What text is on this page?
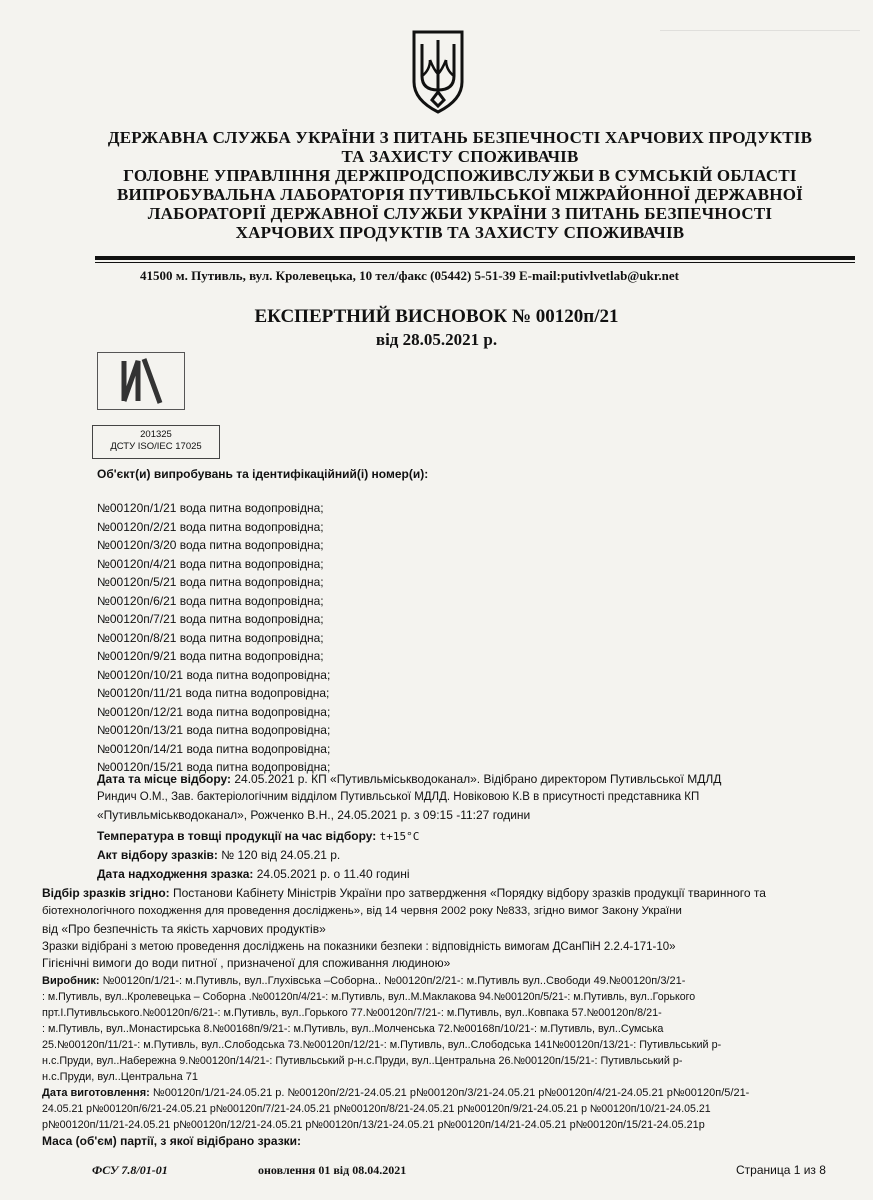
ДЕРЖАВНА СЛУЖБА УКРАЇНИ З ПИТАНЬ БЕЗПЕЧНОСТІ ХАРЧОВИХ ПРОДУКТІВ
ТА ЗАХИСТУ СПОЖИВАЧІВ
ГОЛОВНЕ УПРАВЛІННЯ ДЕРЖПРОДСПОЖИВСЛУЖБИ В СУМСЬКІЙ ОБЛАСТІ
ВИПРОБУВАЛЬНА ЛАБОРАТОРІЯ ПУТИВЛЬСЬКОЇ МІЖРАЙОННОЇ ДЕРЖАВНОЇ
ЛАБОРАТОРІЇ ДЕРЖАВНОЇ СЛУЖБИ УКРАЇНИ З ПИТАНЬ БЕЗПЕЧНОСТІ
ХАРЧОВИХ ПРОДУКТІВ ТА ЗАХИСТУ СПОЖИВАЧІВ
41500 м. Путивль, вул. Кролевецька, 10 тел/факс (05442) 5-51-39 E-mail:putivlvetlab@ukr.net
ЕКСПЕРТНИЙ ВИСНОВОК № 00120п/21
від 28.05.2021 р.
201325
ДСТУ ISO/IEC 17025
Об'єкт(и) випробувань та ідентифікаційний(і) номер(и):
№00120п/1/21 вода питна водопровідна;
№00120п/2/21 вода питна водопровідна;
№00120п/3/20 вода питна водопровідна;
№00120п/4/21 вода питна водопровідна;
№00120п/5/21 вода питна водопровідна;
№00120п/6/21 вода питна водопровідна;
№00120п/7/21 вода питна водопровідна;
№00120п/8/21 вода питна водопровідна;
№00120п/9/21 вода питна водопровідна;
№00120п/10/21 вода питна водопровідна;
№00120п/11/21 вода питна водопровідна;
№00120п/12/21 вода питна водопровідна;
№00120п/13/21 вода питна водопровідна;
№00120п/14/21 вода питна водопровідна;
№00120п/15/21 вода питна водопровідна;
Дата та місце відбору: 24.05.2021 р. КП «Путивльміськводоканал». Відібрано директором Путивльської МДЛД
Риндич О.М., Зав. бактеріологічним відділом Путивльської МДЛД. Новіковою К.В в присутності представника КП
«Путивльміськводоканал», Рожченко В.Н., 24.05.2021 р. з 09:15 -11:27 години
Температура в товщі продукції на час відбору: t+15°C
Акт відбору зразків: № 120 від 24.05.21 р.
Дата надходження зразка: 24.05.2021 р. о 11.40 годині
Відбір зразків згідно: Постанови Кабінету Міністрів України про затвердження «Порядку відбору зразків продукції тваринного та
біотехнологічного походження для проведення досліджень», від 14 червня 2002 року №833, згідно вимог Закону України
від «Про безпечність та якість харчових продуктів»
Зразки відібрані з метою проведення досліджень на показники безпеки : відповідність вимогам ДСанПіН 2.2.4-171-10»
Гігієнічні вимоги до води питної , призначеної для споживання людиною»
Виробник: №00120п/1/21-: м.Путивль, вул..Глухівська –Соборна.. №00120п/2/21-: м.Путивль вул..Свободи 49.№00120п/3/21-
: м.Путивль, вул..Кролевецька – Соборна .№00120п/4/21-: м.Путивль, вул..М.Маклакова 94.№00120п/5/21-: м.Путивль, вул..Горького
прт.І.Путивльського.№00120п/6/21-: м.Путивль, вул..Горького 77.№00120п/7/21-: м.Путивль, вул..Ковпака 57.№00120п/8/21-
: м.Путивль, вул..Монастирська 8.№00168п/9/21-: м.Путивль, вул..Молченська 72.№00168п/10/21-: м.Путивль, вул..Сумська
25.№00120п/11/21-: м.Путивль, вул..Слободська 73.№00120п/12/21-: м.Путивль, вул..Слободська 141№00120п/13/21-: Путивльський р-
н.с.Пруди, вул..Набережна 9.№00120п/14/21-: Путивльський р-н.с.Пруди, вул..Центральна 26.№00120п/15/21-: Путивльський р-
н.с.Пруди, вул..Центральна 71
Дата виготовлення: №00120п/1/21-24.05.21 р. №00120п/2/21-24.05.21 р№00120п/3/21-24.05.21 р№00120п/4/21-24.05.21 р№00120п/5/21-
24.05.21 р№00120п/6/21-24.05.21 р№00120п/7/21-24.05.21 р№00120п/8/21-24.05.21 р№00120п/9/21-24.05.21 р №00120п/10/21-24.05.21
р№00120п/11/21-24.05.21 р№00120п/12/21-24.05.21 р№00120п/13/21-24.05.21 р№00120п/14/21-24.05.21 р№00120п/15/21-24.05.21р
Маса (об'єм) партії, з якої відібрано зразки:
ФСУ 7.8/01-01	оновлення 01 від 08.04.2021	Страница 1 из 8
